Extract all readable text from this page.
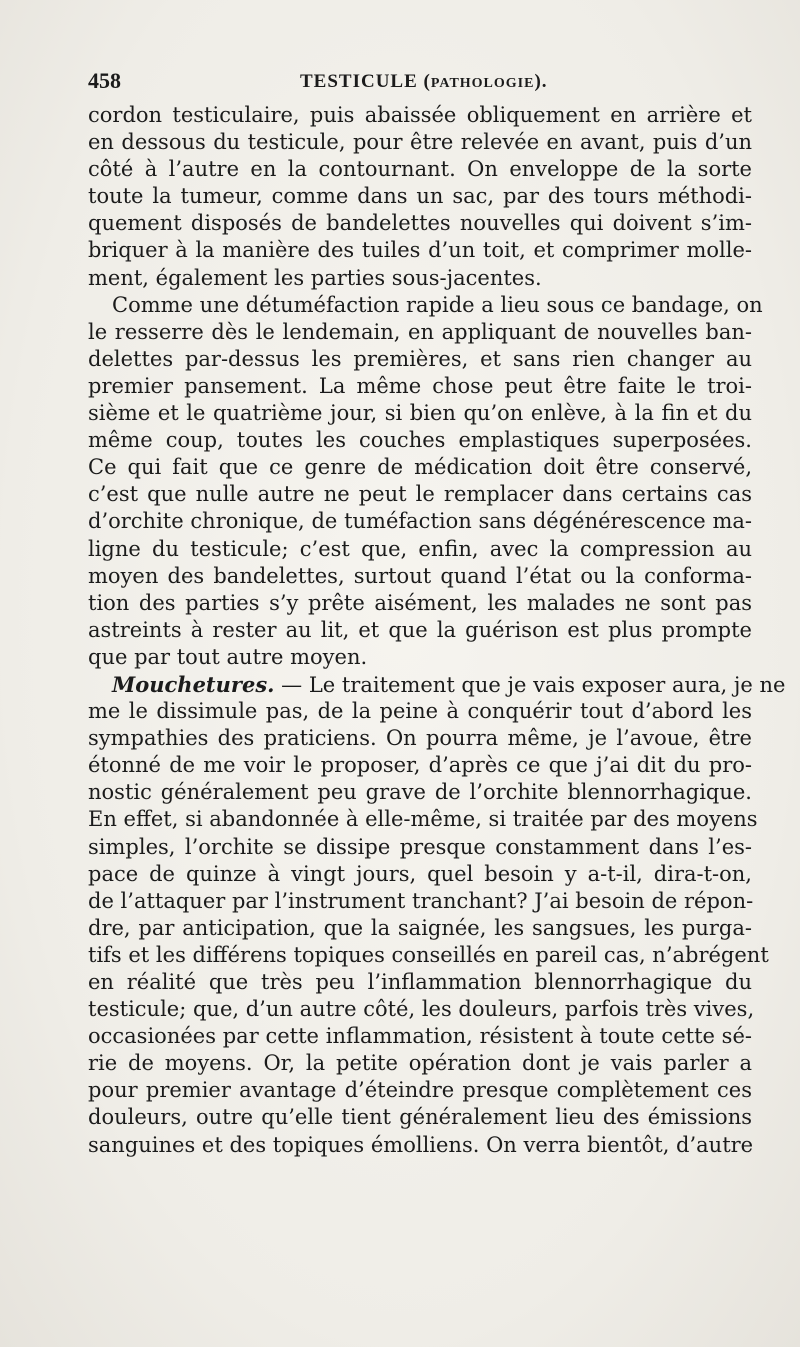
458	TESTICULE (PATHOLOGIE).
cordon testiculaire, puis abaissée obliquement en arrière et
en dessous du testicule, pour être relevée en avant, puis d’un
côté à l’autre en la contournant. On enveloppe de la sorte
toute la tumeur, comme dans un sac, par des tours méthodi-
quement disposés de bandelettes nouvelles qui doivent s’im-
briquer à la manière des tuiles d’un toit, et comprimer molle-
ment, également les parties sous-jacentes.
Comme une détuméfaction rapide a lieu sous ce bandage, on
le resserre dès le lendemain, en appliquant de nouvelles ban-
delettes par-dessus les premières, et sans rien changer au
premier pansement. La même chose peut être faite le troi-
sième et le quatrième jour, si bien qu’on enlève, à la fin et du
même coup, toutes les couches emplastiques superposées.
Ce qui fait que ce genre de médication doit être conservé,
c’est que nulle autre ne peut le remplacer dans certains cas
d’orchite chronique, de tuméfaction sans dégénérescence ma-
ligne du testicule; c’est que, enfin, avec la compression au
moyen des bandelettes, surtout quand l’état ou la conforma-
tion des parties s’y prête aisément, les malades ne sont pas
astreints à rester au lit, et que la guérison est plus prompte
que par tout autre moyen.
Mouchetures. — Le traitement que je vais exposer aura, je ne
me le dissimule pas, de la peine à conquérir tout d’abord les
sympathies des praticiens. On pourra même, je l’avoue, être
étonné de me voir le proposer, d’après ce que j’ai dit du pro-
nostic généralement peu grave de l’orchite blennorrhagique.
En effet, si abandonnée à elle-même, si traitée par des moyens
simples, l’orchite se dissipe presque constamment dans l’es-
pace de quinze à vingt jours, quel besoin y a-t-il, dira-t-on,
de l’attaquer par l’instrument tranchant? J’ai besoin de répon-
dre, par anticipation, que la saignée, les sangsues, les purga-
tifs et les différens topiques conseillés en pareil cas, n’abrégent
en réalité que très peu l’inflammation blennorrhagique du
testicule; que, d’un autre côté, les douleurs, parfois très vives,
occasionées par cette inflammation, résistent à toute cette sé-
rie de moyens. Or, la petite opération dont je vais parler a
pour premier avantage d’éteindre presque complètement ces
douleurs, outre qu’elle tient généralement lieu des émissions
sanguines et des topiques émolliens. On verra bientôt, d’autre
